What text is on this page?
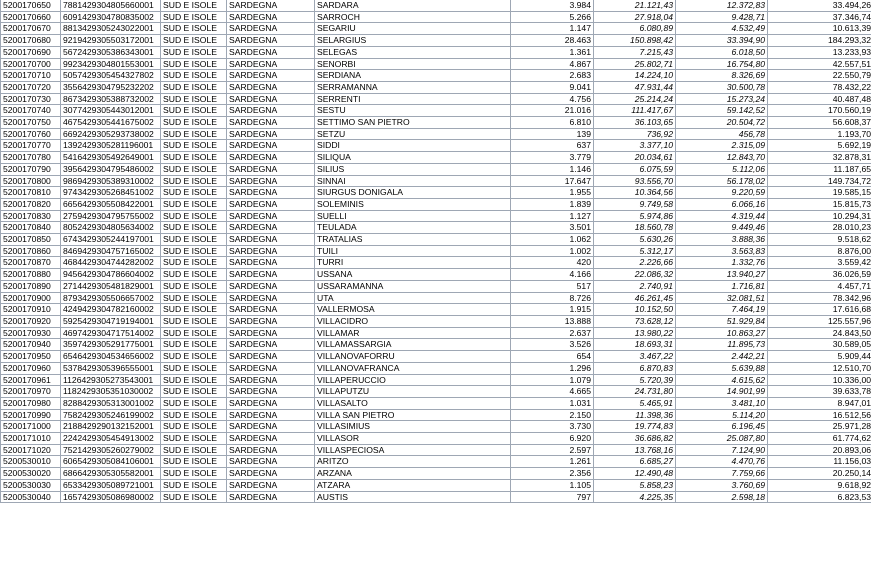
5200170650	7881429304805660001	SUD E ISOLE	SARDEGNA	SARDARA	3.984	21.121,43	12.372,83	33.494,26
5200170660	6091429304780835002	SUD E ISOLE	SARDEGNA	SARROCH	5.266	27.918,04	9.428,71	37.346,74
5200170670	8813429305243022001	SUD E ISOLE	SARDEGNA	SEGARIU	1.147	6.080,89	4.532,49	10.613,39
5200170680	9219429305503172001	SUD E ISOLE	SARDEGNA	SELARGIUS	28.463	150.898,42	33.394,90	184.293,32
5200170690	5672429305386343001	SUD E ISOLE	SARDEGNA	SELEGAS	1.361	7.215,43	6.018,50	13.233,93
5200170700	9923429304801553001	SUD E ISOLE	SARDEGNA	SENORBI	4.867	25.802,71	16.754,80	42.557,51
5200170710	5057429305454327802	SUD E ISOLE	SARDEGNA	SERDIANA	2.683	14.224,10	8.326,69	22.550,79
5200170720	3556429304795232202	SUD E ISOLE	SARDEGNA	SERRAMANNA	9.041	47.931,44	30.500,78	78.432,22
5200170730	8673429305388732002	SUD E ISOLE	SARDEGNA	SERRENTI	4.756	25.214,24	15.273,24	40.487,48
5200170740	3077429305443012001	SUD E ISOLE	SARDEGNA	SESTU	21.016	111.417,67	59.142,52	170.560,19
5200170750	4675429305441675002	SUD E ISOLE	SARDEGNA	SETTIMO SAN PIETRO	6.810	36.103,65	20.504,72	56.608,37
5200170760	6692429305293738002	SUD E ISOLE	SARDEGNA	SETZU	139	736,92	456,78	1.193,70
5200170770	1392429305281196001	SUD E ISOLE	SARDEGNA	SIDDI	637	3.377,10	2.315,09	5.692,19
5200170780	5416429305492649001	SUD E ISOLE	SARDEGNA	SILIQUA	3.779	20.034,61	12.843,70	32.878,31
5200170790	3956429304795486002	SUD E ISOLE	SARDEGNA	SILIUS	1.146	6.075,59	5.112,06	11.187,65
5200170800	9869429305389310002	SUD E ISOLE	SARDEGNA	SINNAI	17.647	93.556,70	56.178,02	149.734,72
5200170810	9743429305268451002	SUD E ISOLE	SARDEGNA	SIURGUS DONIGALA	1.955	10.364,56	9.220,59	19.585,15
5200170820	6656429305508422001	SUD E ISOLE	SARDEGNA	SOLEMINIS	1.839	9.749,58	6.066,16	15.815,73
5200170830	2759429304795755002	SUD E ISOLE	SARDEGNA	SUELLI	1.127	5.974,86	4.319,44	10.294,31
5200170840	8052429304805634002	SUD E ISOLE	SARDEGNA	TEULADA	3.501	18.560,78	9.449,46	28.010,23
5200170850	6743429305244197001	SUD E ISOLE	SARDEGNA	TRATALIAS	1.062	5.630,26	3.888,36	9.518,62
5200170860	8469429304757165002	SUD E ISOLE	SARDEGNA	TUILI	1.002	5.312,17	3.563,83	8.876,00
5200170870	4684429304744282002	SUD E ISOLE	SARDEGNA	TURRI	420	2.226,66	1.332,76	3.559,42
5200170880	9456429304786604002	SUD E ISOLE	SARDEGNA	USSANA	4.166	22.086,32	13.940,27	36.026,59
5200170890	2714429305481829001	SUD E ISOLE	SARDEGNA	USSARAMANNA	517	2.740,91	1.716,81	4.457,71
5200170900	8793429305506657002	SUD E ISOLE	SARDEGNA	UTA	8.726	46.261,45	32.081,51	78.342,96
5200170910	4249429304782160002	SUD E ISOLE	SARDEGNA	VALLERMOSA	1.915	10.152,50	7.464,19	17.616,68
5200170920	5925429304719194001	SUD E ISOLE	SARDEGNA	VILLACIDRO	13.888	73.628,12	51.929,84	125.557,96
5200170930	4697429304717514002	SUD E ISOLE	SARDEGNA	VILLAMAR	2.637	13.980,22	10.863,27	24.843,50
5200170940	3597429305291775001	SUD E ISOLE	SARDEGNA	VILLAMASSARGIA	3.526	18.693,31	11.895,73	30.589,05
5200170950	6546429304534656002	SUD E ISOLE	SARDEGNA	VILLANOVAFORRU	654	3.467,22	2.442,21	5.909,44
5200170960	5378429305396555001	SUD E ISOLE	SARDEGNA	VILLANOVAFRANCA	1.296	6.870,83	5.639,88	12.510,70
5200170961	1126429305273543001	SUD E ISOLE	SARDEGNA	VILLAPERUCCIO	1.079	5.720,39	4.615,62	10.336,00
5200170970	1182429305351030002	SUD E ISOLE	SARDEGNA	VILLAPUTZU	4.665	24.731,80	14.901,99	39.633,78
5200170980	8288429305313001002	SUD E ISOLE	SARDEGNA	VILLASALTO	1.031	5.465,91	3.481,10	8.947,01
5200170990	7582429305246199002	SUD E ISOLE	SARDEGNA	VILLA SAN PIETRO	2.150	11.398,36	5.114,20	16.512,56
5200171000	2188429290132152001	SUD E ISOLE	SARDEGNA	VILLASIMIUS	3.730	19.774,83	6.196,45	25.971,28
5200171010	2242429305454913002	SUD E ISOLE	SARDEGNA	VILLASOR	6.920	36.686,82	25.087,80	61.774,62
5200171020	7521429305260279002	SUD E ISOLE	SARDEGNA	VILLASPECIOSA	2.597	13.768,16	7.124,90	20.893,06
5200530010	6065429305084106001	SUD E ISOLE	SARDEGNA	ARITZO	1.261	6.685,27	4.470,76	11.156,03
5200530020	6866429305305582001	SUD E ISOLE	SARDEGNA	ARZANA	2.356	12.490,48	7.759,66	20.250,14
5200530030	6533429305089721001	SUD E ISOLE	SARDEGNA	ATZARA	1.105	5.858,23	3.760,69	9.618,92
5200530040	1657429305086980002	SUD E ISOLE	SARDEGNA	AUSTIS	797	4.225,35	2.598,18	6.823,53
